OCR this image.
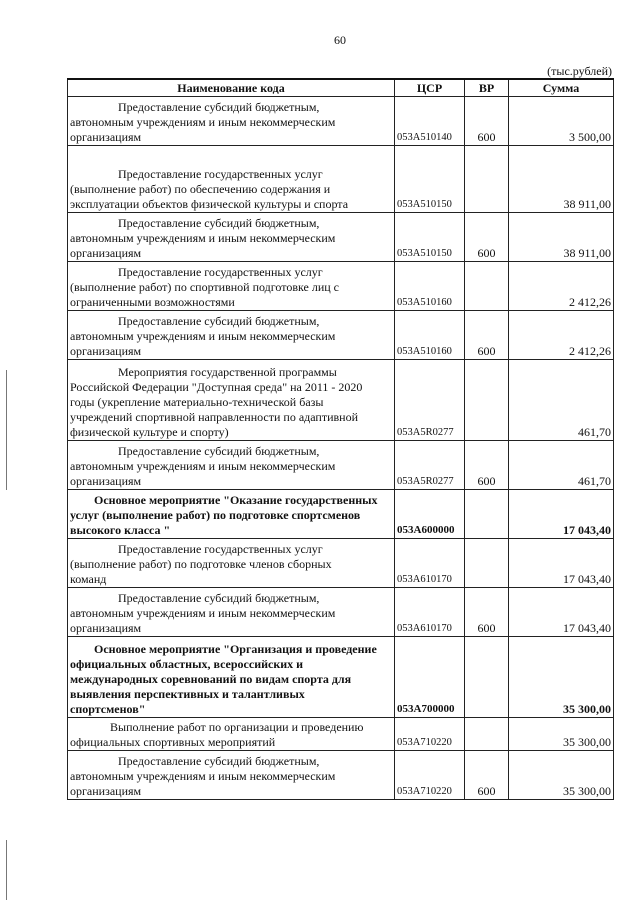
60
(тыс.рублей)
Наименование кода	ЦСР	ВР	Сумма

Предоставление субсидий бюджетным,
автономным учреждениям и иным некоммерческим
организациям	053A510140	600	3 500,00

Предоставление государственных услуг
(выполнение работ) по обеспечению содержания и
эксплуатации объектов физической культуры и спорта	053A510150		38 911,00

Предоставление субсидий бюджетным,
автономным учреждениям и иным некоммерческим
организациям	053A510150	600	38 911,00

Предоставление государственных услуг
(выполнение работ) по спортивной подготовке лиц с
ограниченными возможностями	053A510160		2 412,26

Предоставление субсидий бюджетным,
автономным учреждениям и иным некоммерческим
организациям	053A510160	600	2 412,26

Мероприятия государственной программы
Российской Федерации "Доступная среда" на 2011 - 2020
годы (укрепление материально-технической базы
учреждений спортивной направленности по адаптивной
физической культуре и спорту)	053A5R0277		461,70

Предоставление субсидий бюджетным,
автономным учреждениям и иным некоммерческим
организациям	053A5R0277	600	461,70

Основное мероприятие "Оказание государственных
услуг (выполнение работ) по подготовке спортсменов
высокого класса "	053A600000		17 043,40

Предоставление государственных услуг
(выполнение работ) по подготовке членов сборных
команд	053A610170		17 043,40

Предоставление субсидий бюджетным,
автономным учреждениям и иным некоммерческим
организациям	053A610170	600	17 043,40

Основное мероприятие "Организация и проведение
официальных областных, всероссийских и
международных соревнований по видам спорта для
выявления перспективных и талантливых
спортсменов"	053A700000		35 300,00

Выполнение работ по организации и проведению
официальных спортивных мероприятий	053A710220		35 300,00

Предоставление субсидий бюджетным,
автономным учреждениям и иным некоммерческим
организациям	053A710220	600	35 300,00
